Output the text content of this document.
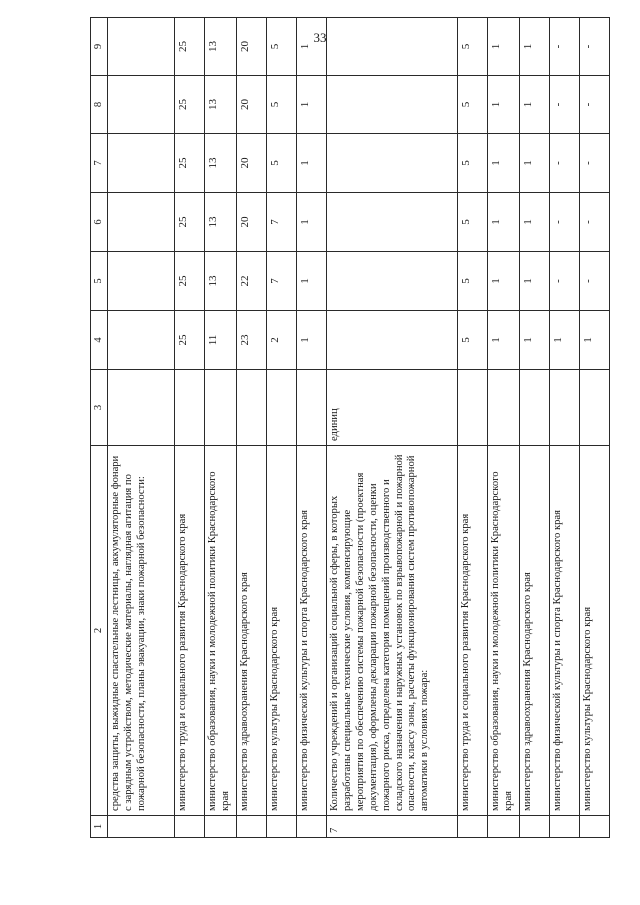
33
1	2	3	4	5	6	7	8	9
	средства защиты, выжидные спасательные лестницы, аккумуляторные фонари с зарядным устройством, методические материалы, наглядная агитация по пожарной безопасности, планы эвакуации, знаки пожарной безопасности:							
	министерство труда и социального развития Краснодарского края		25	25	25	25	25	25
	министерство образования, науки и молодежной политики Краснодарского края		11	13	13	13	13	13
	министерство здравоохранения Краснодарского края		23	22	20	20	20	20
	министерство культуры Краснодарского края		2	7	7	5	5	5
	министерство физической культуры и спорта Краснодарского края		1	1	1	1	1	1
7	Количество учреждений и организаций социальной сферы, в которых разработаны специальные технические условия, компенсирующие мероприятия по обеспечению системы пожарной безопасности (проектная документация), оформлены декларации пожарной безопасности, оценки пожарного риска, определена категория помещений производственного и складского назначения и наружных установок по взрывопожарной и пожарной опасности, классу зоны, расчеты функционирования систем противопожарной автоматики в условиях пожара:	единиц						
	министерство труда и социального развития Краснодарского края		5	5	5	5	5	5
	министерство образования, науки и молодежной политики Краснодарского края		1	1	1	1	1	1
	министерство здравоохранения Краснодарского края		1	1	1	1	1	1
	министерство физической культуры и спорта Краснодарского края		1	-	-	-	-	-
	министерство культуры Краснодарского края		1	-	-	-	-	-
